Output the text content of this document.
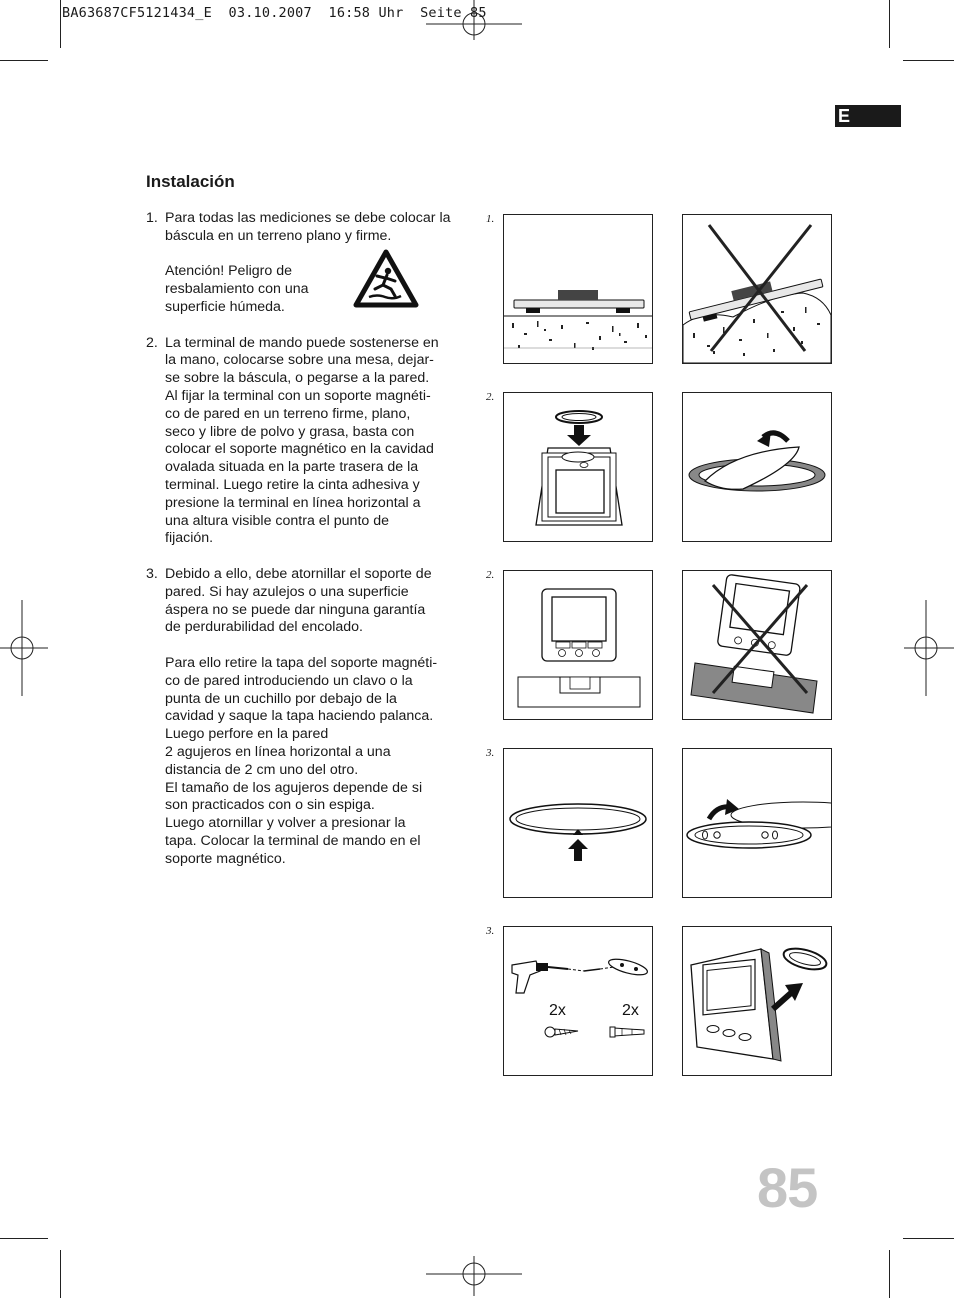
BA63687CF5121434_E  03.10.2007  16:58 Uhr  Seite 85
E
Instalación
1. Para todas las mediciones se debe colocar la
báscula en un terreno plano y firme.

Atención! Peligro de
resbalamiento con una
superficie húmeda.

2. La terminal de mando puede sostenerse en
la mano, colocarse sobre una mesa, dejar-
se sobre la báscula, o pegarse a la pared.
Al fijar la terminal con un soporte magnéti-
co de pared en un terreno firme, plano,
seco y libre de polvo y grasa, basta con
colocar el soporte magnético en la cavidad
ovalada situada en la parte trasera de la
terminal. Luego retire la cinta adhesiva y
presione la terminal en línea horizontal a
una altura visible contra el punto de
fijación.

3. Debido a ello, debe atornillar el soporte de
pared. Si hay azulejos o una superficie
áspera no se puede dar ninguna garantía
de perdurabilidad del encolado.

Para ello retire la tapa del soporte magnéti-
co de pared introduciendo un clavo o la
punta de un cuchillo por debajo de la
cavidad y saque la tapa haciendo palanca.
Luego perfore en la pared
2 agujeros en línea horizontal a una
distancia de 2 cm uno del otro.
El tamaño de los agujeros depende de si
son practicados con o sin espiga.
Luego atornillar y volver a presionar la
tapa. Colocar la terminal de mando en el
soporte magnético.

1.
2.
2.
3.
3.
2x	2x
85
